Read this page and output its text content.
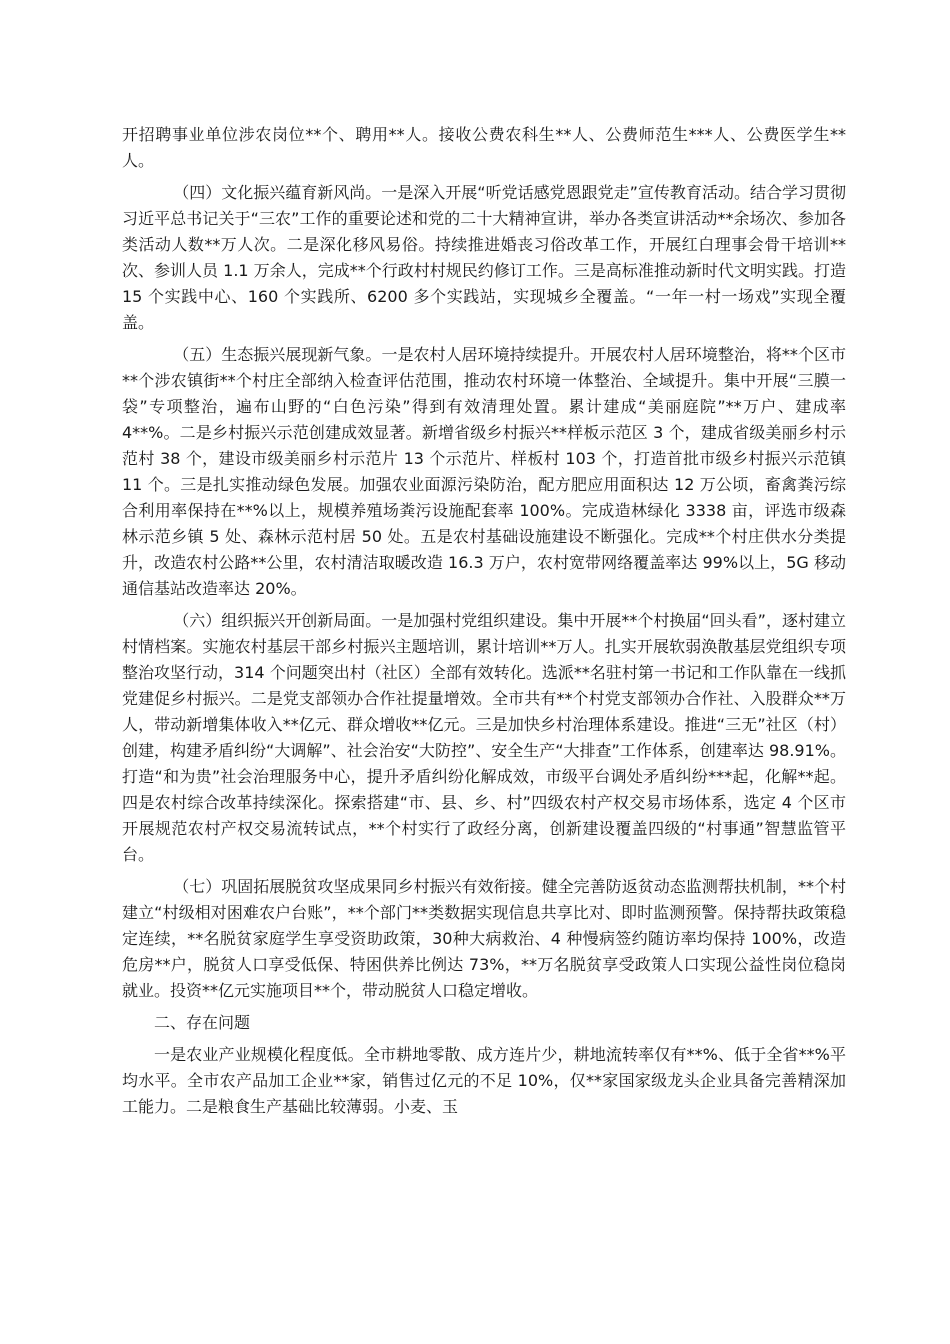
开招聘事业单位涉农岗位**个、聘用**人。接收公费农科生**人、公费师范生***人、公费医学生**人。

（四）文化振兴蕴育新风尚。一是深入开展“听党话感党恩跟党走”宣传教育活动。结合学习贯彻习近平总书记关于“三农”工作的重要论述和党的二十大精神宣讲，举办各类宣讲活动**余场次、参加各类活动人数**万人次。二是深化移风易俗。持续推进婚丧习俗改革工作，开展红白理事会骨干培训**次、参训人员 1.1 万余人，完成**个行政村村规民约修订工作。三是高标准推动新时代文明实践。打造 15 个实践中心、160 个实践所、6200 多个实践站，实现城乡全覆盖。“一年一村一场戏”实现全覆盖。

（五）生态振兴展现新气象。一是农村人居环境持续提升。开展农村人居环境整治，将**个区市**个涉农镇街**个村庄全部纳入检查评估范围，推动农村环境一体整治、全域提升。集中开展“三膜一袋”专项整治，遍布山野的“白色污染”得到有效清理处置。累计建成“美丽庭院”**万户、建成率 4**%。二是乡村振兴示范创建成效显著。新增省级乡村振兴**样板示范区 3 个，建成省级美丽乡村示范村 38 个，建设市级美丽乡村示范片 13 个示范片、样板村 103 个，打造首批市级乡村振兴示范镇 11 个。三是扎实推动绿色发展。加强农业面源污染防治，配方肥应用面积达 12 万公顷，畜禽粪污综合利用率保持在**%以上，规模养殖场粪污设施配套率 100%。完成造林绿化 3338 亩，评选市级森林示范乡镇 5 处、森林示范村居 50 处。五是农村基础设施建设不断强化。完成**个村庄供水分类提升，改造农村公路**公里，农村清洁取暖改造 16.3 万户，农村宽带网络覆盖率达 99%以上，5G 移动通信基站改造率达 20%。

（六）组织振兴开创新局面。一是加强村党组织建设。集中开展**个村换届“回头看”，逐村建立村情档案。实施农村基层干部乡村振兴主题培训，累计培训**万人。扎实开展软弱涣散基层党组织专项整治攻坚行动，314 个问题突出村（社区）全部有效转化。选派**名驻村第一书记和工作队靠在一线抓党建促乡村振兴。二是党支部领办合作社提量增效。全市共有**个村党支部领办合作社、入股群众**万人，带动新增集体收入**亿元、群众增收**亿元。三是加快乡村治理体系建设。推进“三无”社区（村）创建，构建矛盾纠纷“大调解”、社会治安“大防控”、安全生产“大排查”工作体系，创建率达 98.91%。打造“和为贵”社会治理服务中心，提升矛盾纠纷化解成效，市级平台调处矛盾纠纷***起，化解**起。四是农村综合改革持续深化。探索搭建“市、县、乡、村”四级农村产权交易市场体系，选定 4 个区市开展规范农村产权交易流转试点，**个村实行了政经分离，创新建设覆盖四级的“村事通”智慧监管平台。

（七）巩固拓展脱贫攻坚成果同乡村振兴有效衔接。健全完善防返贫动态监测帮扶机制，**个村建立“村级相对困难农户台账”，**个部门**类数据实现信息共享比对、即时监测预警。保持帮扶政策稳定连续，**名脱贫家庭学生享受资助政策，30种大病救治、4 种慢病签约随访率均保持 100%，改造危房**户，脱贫人口享受低保、特困供养比例达 73%，**万名脱贫享受政策人口实现公益性岗位稳岗就业。投资**亿元实施项目**个，带动脱贫人口稳定增收。

二、存在问题

一是农业产业规模化程度低。全市耕地零散、成方连片少，耕地流转率仅有**%、低于全省**%平均水平。全市农产品加工企业**家，销售过亿元的不足 10%，仅**家国家级龙头企业具备完善精深加工能力。二是粮食生产基础比较薄弱。小麦、玉
